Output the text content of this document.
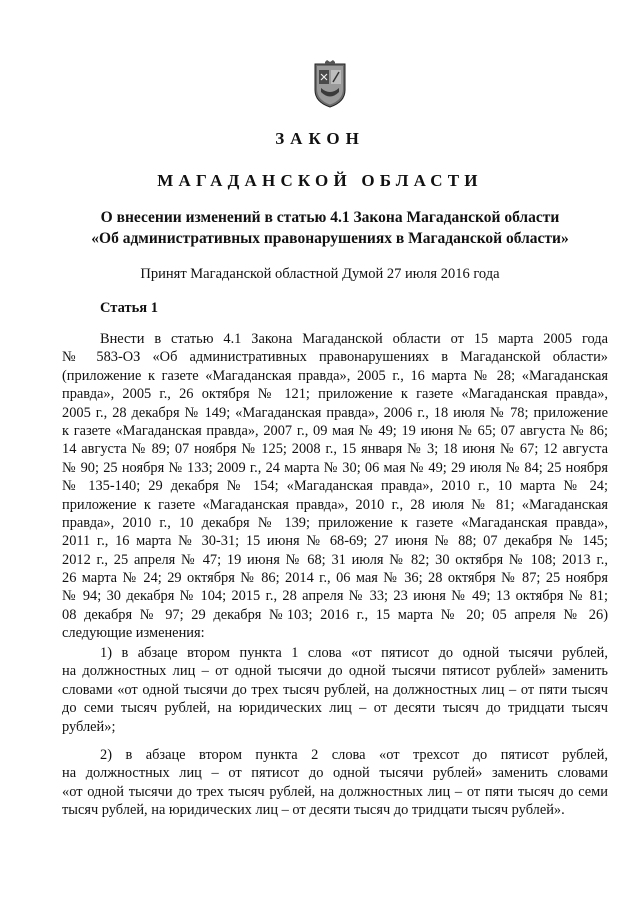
ЗАКОН
МАГАДАНСКОЙ ОБЛАСТИ
О внесении изменений в статью 4.1 Закона Магаданской области
«Об административных правонарушениях в Магаданской области»
Принят Магаданской областной Думой 27 июля 2016 года
Статья 1
Внести в статью 4.1 Закона Магаданской области от 15 марта 2005 года
№ 583-ОЗ «Об административных правонарушениях в Магаданской области»
(приложение к газете «Магаданская правда», 2005 г., 16 марта № 28; «Магаданская
правда», 2005 г., 26 октября № 121; приложение к газете «Магаданская правда»,
2005 г., 28 декабря № 149; «Магаданская правда», 2006 г., 18 июля № 78; приложение
к газете «Магаданская правда», 2007 г., 09 мая № 49; 19 июня № 65; 07 августа № 86;
14 августа № 89; 07 ноября № 125; 2008 г., 15 января № 3; 18 июня № 67; 12 августа
№ 90; 25 ноября № 133; 2009 г., 24 марта № 30; 06 мая № 49; 29 июля № 84; 25 ноября
№ 135-140; 29 декабря № 154; «Магаданская правда», 2010 г., 10 марта № 24;
приложение к газете «Магаданская правда», 2010 г., 28 июля № 81; «Магаданская
правда», 2010 г., 10 декабря № 139; приложение к газете «Магаданская правда»,
2011 г., 16 марта № 30-31; 15 июня № 68-69; 27 июня № 88; 07 декабря № 145;
2012 г., 25 апреля № 47; 19 июня № 68; 31 июля № 82; 30 октября № 108; 2013 г.,
26 марта № 24; 29 октября № 86; 2014 г., 06 мая № 36; 28 октября № 87; 25 ноября
№ 94; 30 декабря № 104; 2015 г., 28 апреля № 33; 23 июня № 49; 13 октября № 81;
08 декабря № 97; 29 декабря №103; 2016 г., 15 марта № 20; 05 апреля № 26)
следующие изменения:
1) в абзаце втором пункта 1 слова «от пятисот до одной тысячи рублей,
на должностных лиц – от одной тысячи до одной тысячи пятисот рублей» заменить
словами «от одной тысячи до трех тысяч рублей, на должностных лиц – от пяти тысяч
до семи тысяч рублей, на юридических лиц – от десяти тысяч до тридцати тысяч
рублей»;
2) в абзаце втором пункта 2 слова «от трехсот до пятисот рублей,
на должностных лиц – от пятисот до одной тысячи рублей» заменить словами
«от одной тысячи до трех тысяч рублей, на должностных лиц – от пяти тысяч до семи
тысяч рублей, на юридических лиц – от десяти тысяч до тридцати тысяч рублей».
